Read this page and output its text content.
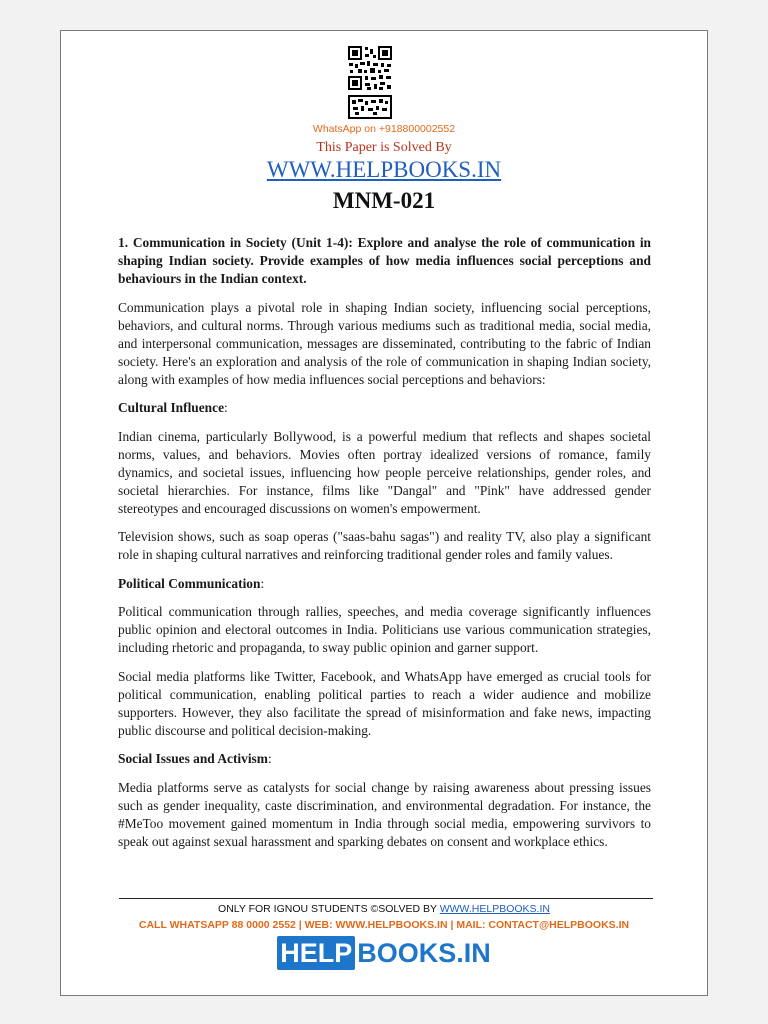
WhatsApp on +918800002552
This Paper is Solved By
WWW.HELPBOOKS.IN
MNM-021

1. Communication in Society (Unit 1-4): Explore and analyse the role of communication in shaping Indian society. Provide examples of how media influences social perceptions and behaviours in the Indian context.

Communication plays a pivotal role in shaping Indian society, influencing social perceptions, behaviors, and cultural norms. Through various mediums such as traditional media, social media, and interpersonal communication, messages are disseminated, contributing to the fabric of Indian society. Here's an exploration and analysis of the role of communication in shaping Indian society, along with examples of how media influences social perceptions and behaviors:

Cultural Influence:

Indian cinema, particularly Bollywood, is a powerful medium that reflects and shapes societal norms, values, and behaviors. Movies often portray idealized versions of romance, family dynamics, and societal issues, influencing how people perceive relationships, gender roles, and societal hierarchies. For instance, films like "Dangal" and "Pink" have addressed gender stereotypes and encouraged discussions on women's empowerment.

Television shows, such as soap operas ("saas-bahu sagas") and reality TV, also play a significant role in shaping cultural narratives and reinforcing traditional gender roles and family values.

Political Communication:

Political communication through rallies, speeches, and media coverage significantly influences public opinion and electoral outcomes in India. Politicians use various communication strategies, including rhetoric and propaganda, to sway public opinion and garner support.

Social media platforms like Twitter, Facebook, and WhatsApp have emerged as crucial tools for political communication, enabling political parties to reach a wider audience and mobilize supporters. However, they also facilitate the spread of misinformation and fake news, impacting public discourse and political decision-making.

Social Issues and Activism:

Media platforms serve as catalysts for social change by raising awareness about pressing issues such as gender inequality, caste discrimination, and environmental degradation. For instance, the #MeToo movement gained momentum in India through social media, empowering survivors to speak out against sexual harassment and sparking debates on consent and workplace ethics.

ONLY FOR IGNOU STUDENTS ©SOLVED BY WWW.HELPBOOKS.IN
CALL WHATSAPP 88 0000 2552 | WEB: WWW.HELPBOOKS.IN | MAIL: CONTACT@HELPBOOKS.IN
HELP BOOKS.IN
